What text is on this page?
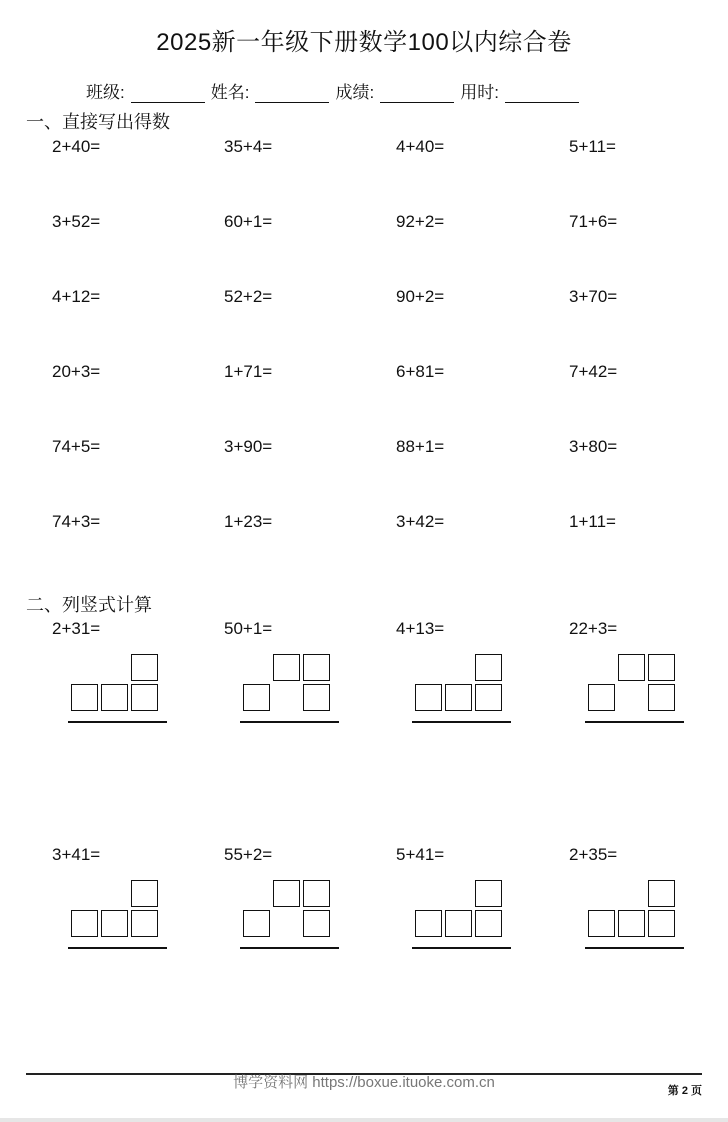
2025新一年级下册数学100以内综合卷
班级:	姓名:	成绩:	用时:
一、直接写出得数
2+40=	35+4=	4+40=	5+11=
3+52=	60+1=	92+2=	71+6=
4+12=	52+2=	90+2=	3+70=
20+3=	1+71=	6+81=	7+42=
74+5=	3+90=	88+1=	3+80=
74+3=	1+23=	3+42=	1+11=
二、列竖式计算
2+31=	50+1=	4+13=	22+3=
3+41=	55+2=	5+41=	2+35=
博学资料网 https://boxue.ituoke.com.cn	第 2 页
